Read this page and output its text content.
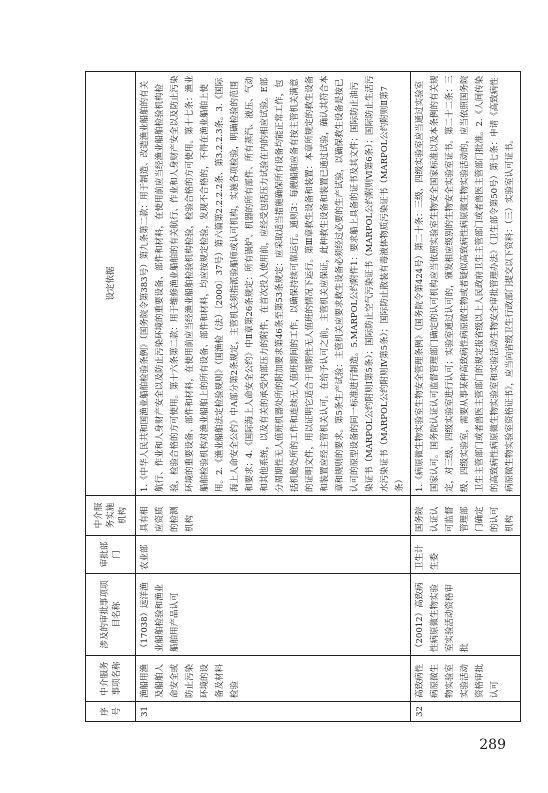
序号	中介服务事项名称	涉及的审批事项项目名称	审批部门	中介服务实施机构	设定依据
31	渔船用渔及船舶人命安全或防止污染环境的设备及材料检验	（17038）远洋渔业船舶检验和渔业船舶用产品认可	农业部	具有相应资质的检测机构	1.《中华人民共和国渔业船舶检验条例》（国务院令第383号）第九条第二款：用于制造、改造渔业船舶的有关航行、作业和人身财产安全以及防止污染环境的重要设备、部件和材料，在使用前应当经渔业船舶检验机构检验，检验合格的方可使用。第十六条第二款：用于维修渔业船舶的有关航行、作业和人身财产安全以及防止污染环境的重要设备、部件和材料，在使用前应当经渔业船舶检验机构检验，检验合格的方可使用。第十七条：渔业船舶检验机构对渔业船舶上的所有设备、部件和材料，均应按规定检验，发现不合格的，不得在渔业船舶上使用。2.《渔业船舶法定检验规则》（国渔检（法）〔2000〕37号）第六篇第2.2.2.2条、第3.2.2.3条。3.《国际海上人命安全公约》中A部分第2条规定，主管机关须指派验船师或认可机构，实施各项检验，明确检验的范围和要求；4.《国际海上人命安全公约》中Ⅱ章第26条规定：所有锅炉、机器的所有部件、所有蒸汽、液压、气动和其他系统，以及有关的承受内部压力的附件，在首次投入使用前，应经受包括压力试验在内的相应试验。E部分周期性无人值班机器处所的附加要求第46条至第53条规定：应采取适当措施确保所有设备均能正常工作，包括机舱处所的工作和连续无人值班期间的工作，以确保持续可靠运行。通则3：每艘船舶应备有按主管机关满意的证明文件，用以证明它适合于周期性无人值班的情况下运行。第Ⅲ章救生设备和装置：本章所规定的救生设备和装置应经主管机关认可。在给予认可之前，主管机关应保证，此种救生设备和装置已通过试验，确认其符合本章和规则的要求。第5条生产试验：主管机关应要求救生设备必须经过必要的生产试验，以确保救生设备是按已认可的原型设备的同一标准进行制造。5.MARPOL公约附件1：要求船上具备的证书及其文件；国际防止油污染证书（MARPOL公约附则Ⅰ第5条）；国际防止空气污染证书（MARPOL公约附则Ⅵ第6条）；国际防止生活污水污染证书（MARPOL公约附则Ⅳ第5条）；国际防止散装有毒液体物质污染证书（MARPOL公约附则Ⅱ第7条）
32	高致病性病原微生物实验室实验活动资格审批认可	（20012）高致病性病原微生物实验室实验活动资格审批	卫生计生委	国务院认证认可监督管理部门确定的认可机构	1.《病原微生物实验室生物安全管理条例》（国务院令第424号）第二十条：三级、四级实验室应当通过实验室国家认可。国务院认证认可监督管理部门确定的认可机构应当依照实验室生物安全国家标准以及本条例的有关规定，对三级、四级实验室进行认可；实验室通过认可的，颁发相应级别的生物安全实验室证书。第二十二条：三级、四级实验室，需要从事某种高致病性病原微生物或者疑似高致病性病原微生物实验活动的，应当依照国务院卫生主管部门或者兽医主管部门的规定报省级以上人民政府卫生主管部门或者兽医主管部门批准。2.《人间传染的高致病性病原微生物实验室和实验活动生物安全审批管理办法》（卫生部令第50号）第七条：申请《高致病性病原微生物实验室资格证书》，应当向省级卫生行政部门提交以下资料：（三）实验室认可证书。
289
